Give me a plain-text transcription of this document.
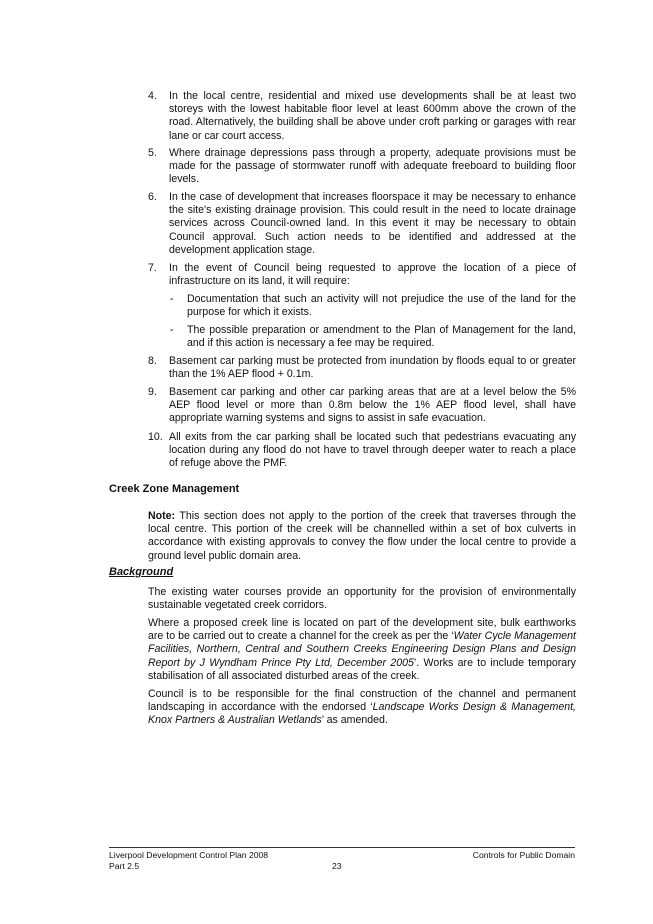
4.	In the local centre, residential and mixed use developments shall be at least two storeys with the lowest habitable floor level at least 600mm above the crown of the road. Alternatively, the building shall be above under croft parking or garages with rear lane or car court access.
5.	Where drainage depressions pass through a property, adequate provisions must be made for the passage of stormwater runoff with adequate freeboard to building floor levels.
6.	In the case of development that increases floorspace it may be necessary to enhance the site's existing drainage provision. This could result in the need to locate drainage services across Council-owned land. In this event it may be necessary to obtain Council approval. Such action needs to be identified and addressed at the development application stage.
7.	In the event of Council being requested to approve the location of a piece of infrastructure on its land, it will require:
-	Documentation that such an activity will not prejudice the use of the land for the purpose for which it exists.
-	The possible preparation or amendment to the Plan of Management for the land, and if this action is necessary a fee may be required.
8.	Basement car parking must be protected from inundation by floods equal to or greater than the 1% AEP flood + 0.1m.
9.	Basement car parking and other car parking areas that are at a level below the 5% AEP flood level or more than 0.8m below the 1% AEP flood level, shall have appropriate warning systems and signs to assist in safe evacuation.
10. All exits from the car parking shall be located such that pedestrians evacuating any location during any flood do not have to travel through deeper water to reach a place of refuge above the PMF.

Creek Zone Management

Note: This section does not apply to the portion of the creek that traverses through the local centre. This portion of the creek will be channelled within a set of box culverts in accordance with existing approvals to convey the flow under the local centre to provide a ground level public domain area.

Background

The existing water courses provide an opportunity for the provision of environmentally sustainable vegetated creek corridors.
Where a proposed creek line is located on part of the development site, bulk earthworks are to be carried out to create a channel for the creek as per the ‘Water Cycle Management Facilities, Northern, Central and Southern Creeks Engineering Design Plans and Design Report by J Wyndham Prince Pty Ltd, December 2005’. Works are to include temporary stabilisation of all associated disturbed areas of the creek.
Council is to be responsible for the final construction of the channel and permanent landscaping in accordance with the endorsed ‘Landscape Works Design & Management, Knox Partners & Australian Wetlands’ as amended.

Liverpool Development Control Plan 2008

Part 2.5	23

Controls for Public Domain
